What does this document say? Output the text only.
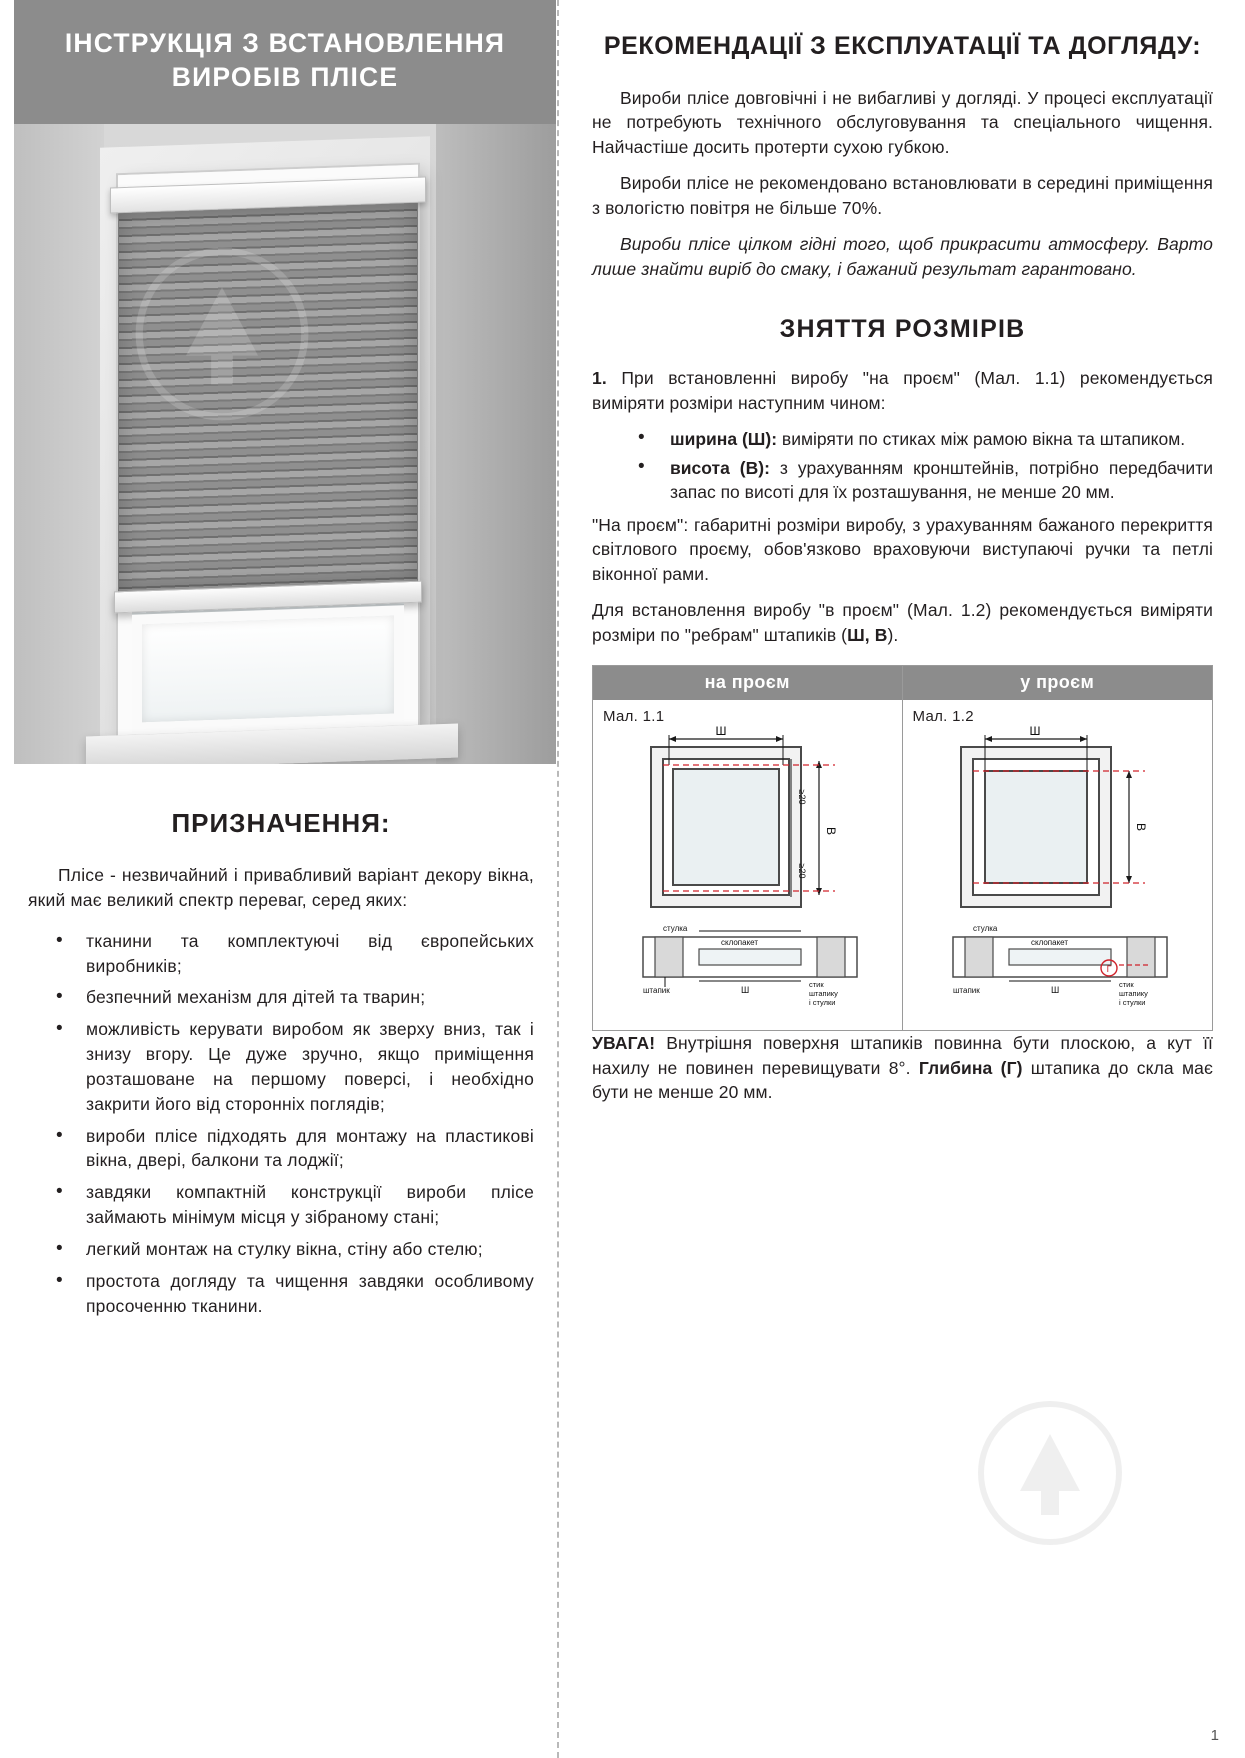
ІНСТРУКЦІЯ З ВСТАНОВЛЕННЯ
ВИРОБІВ ПЛІСЕ
ПРИЗНАЧЕННЯ:

Пліcе - незвичайний і привабливий варіант декору вікна, який має великий спектр переваг, серед яких:

• тканини та комплектуючі від європейських виробників;
• безпечний механізм для дітей та тварин;
• можливість керувати виробом як зверху вниз, так і знизу вгору. Це дуже зручно, якщо приміщення розташоване на першому поверсі, і необхідно закрити його від сторонніх поглядів;
• вироби пліcе підходять для монтажу на пластикові вікна, двері, балкони та лоджії;
• завдяки компактній конструкції вироби пліcе займають мінімум місця у зібраному стані;
• легкий монтаж на стулку вікна, стіну або стелю;
• простота догляду та чищення завдяки особливому просоченню тканини.
РЕКОМЕНДАЦІЇ З ЕКСПЛУАТАЦІЇ ТА ДОГЛЯДУ:

Вироби пліcе довговічні і не вибагливі у догляді. У процесі експлуатації не потребують технічного обслуговування та спеціального чищення. Найчастіше досить протерти сухою губкою.

Вироби пліcе не рекомендовано встановлювати в середині приміщення з вологістю повітря не більше 70%.

Вироби пліcе цілком гідні того, щоб прикрасити атмосферу. Варто лише знайти виріб до смаку, і бажаний результат гарантовано.

ЗНЯТТЯ РОЗМІРІВ

1. При встановленні виробу "на проєм" (Мал. 1.1) рекомендується виміряти розміри наступним чином:

• ширина (Ш): виміряти по стиках між рамою вікна та штапиком.
• висота (В): з урахуванням кронштейнів, потрібно передбачити запас по висоті для їх розташування, не менше 20 мм.

"На проєм": габаритні розміри виробу, з урахуванням бажаного перекриття світлового проєму, обов'язково враховуючи виступаючі ручки та петлі віконної рами.

Для встановлення виробу "в проєм" (Мал. 1.2) рекомендується виміряти розміри по "ребрам" штапиків (Ш, В).

на проєм
Мал. 1.1
Ш
В
≥20
≥20
стулка
склопакет
штапик	Ш
стик
штапику
і стулки
у проєм
Мал. 1.2
Ш
В
Г
стулка
склопакет
штапик	Ш
стик
штапику
і стулки

УВАГА! Внутрішня поверхня штапиків повинна бути плоскою, а кут її нахилу не повинен перевищувати 8°. Глибина (Г) штапика до скла має бути не менше 20 мм.

1
